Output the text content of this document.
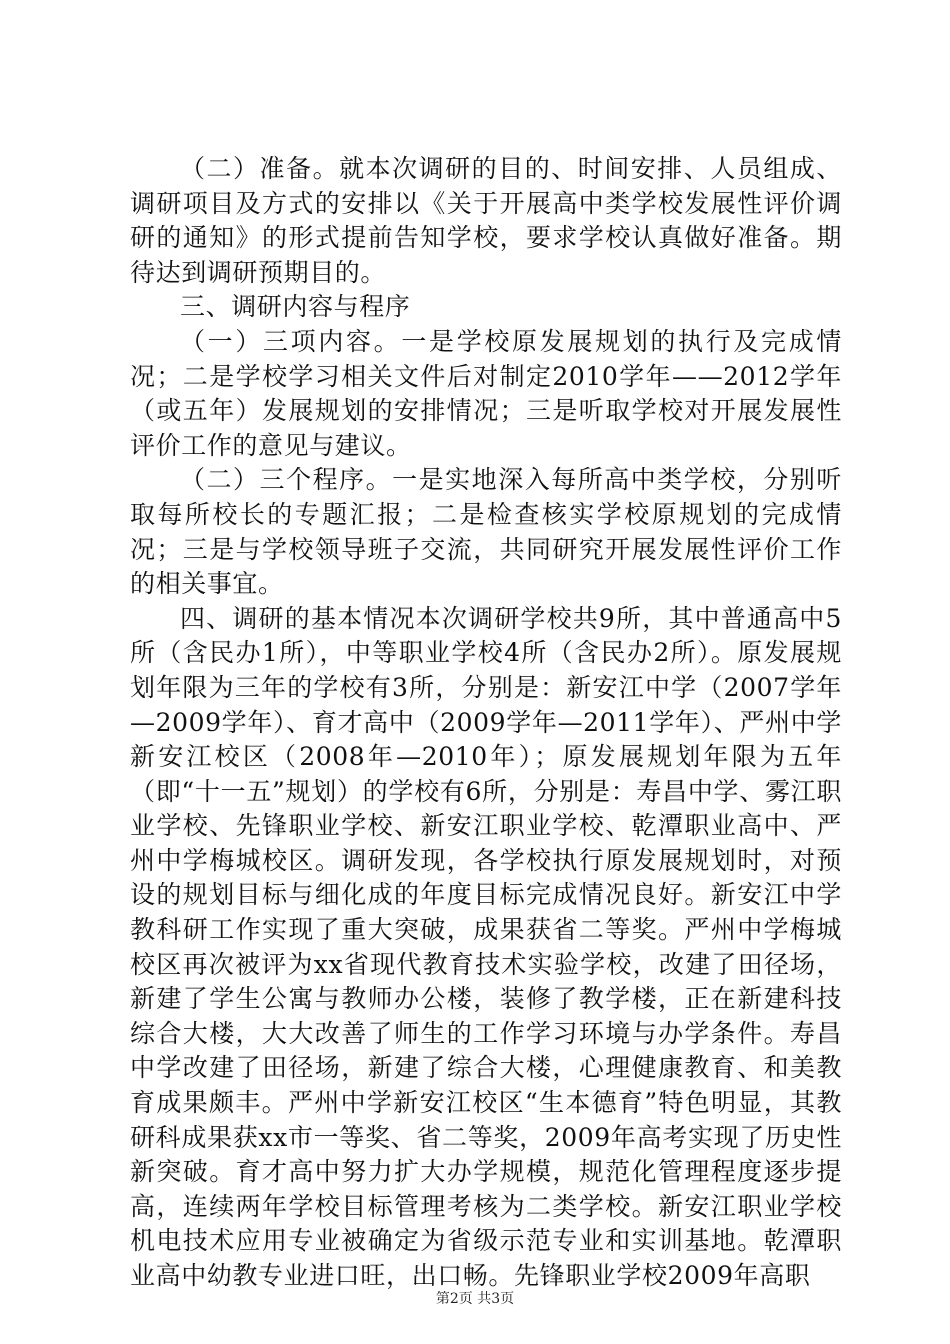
（二）准备。就本次调研的目的、时间安排、人员组成、调研项目及方式的安排以《关于开展高中类学校发展性评价调研的通知》的形式提前告知学校，要求学校认真做好准备。期待达到调研预期目的。

三、调研内容与程序

（一）三项内容。一是学校原发展规划的执行及完成情况；二是学校学习相关文件后对制定2010学年——2012学年（或五年）发展规划的安排情况；三是听取学校对开展发展性评价工作的意见与建议。

（二）三个程序。一是实地深入每所高中类学校，分别听取每所校长的专题汇报；二是检查核实学校原规划的完成情况；三是与学校领导班子交流，共同研究开展发展性评价工作的相关事宜。

四、调研的基本情况本次调研学校共9所，其中普通高中5所（含民办1所），中等职业学校4所（含民办2所）。原发展规划年限为三年的学校有3所，分别是：新安江中学（2007学年—2009学年）、育才高中（2009学年—2011学年）、严州中学新安江校区（2008年—2010年）；原发展规划年限为五年（即“十一五”规划）的学校有6所，分别是：寿昌中学、雾江职业学校、先锋职业学校、新安江职业学校、乾潭职业高中、严州中学梅城校区。调研发现，各学校执行原发展规划时，对预设的规划目标与细化成的年度目标完成情况良好。新安江中学教科研工作实现了重大突破，成果获省二等奖。严州中学梅城校区再次被评为xx省现代教育技术实验学校，改建了田径场，新建了学生公寓与教师办公楼，装修了教学楼，正在新建科技综合大楼，大大改善了师生的工作学习环境与办学条件。寿昌中学改建了田径场，新建了综合大楼，心理健康教育、和美教育成果颇丰。严州中学新安江校区“生本德育”特色明显，其教研科成果获xx市一等奖、省二等奖，2009年高考实现了历史性新突破。育才高中努力扩大办学规模，规范化管理程度逐步提高，连续两年学校目标管理考核为二类学校。新安江职业学校机电技术应用专业被确定为省级示范专业和实训基地。乾潭职业高中幼教专业进口旺，出口畅。先锋职业学校2009年高职

第2页 共3页
